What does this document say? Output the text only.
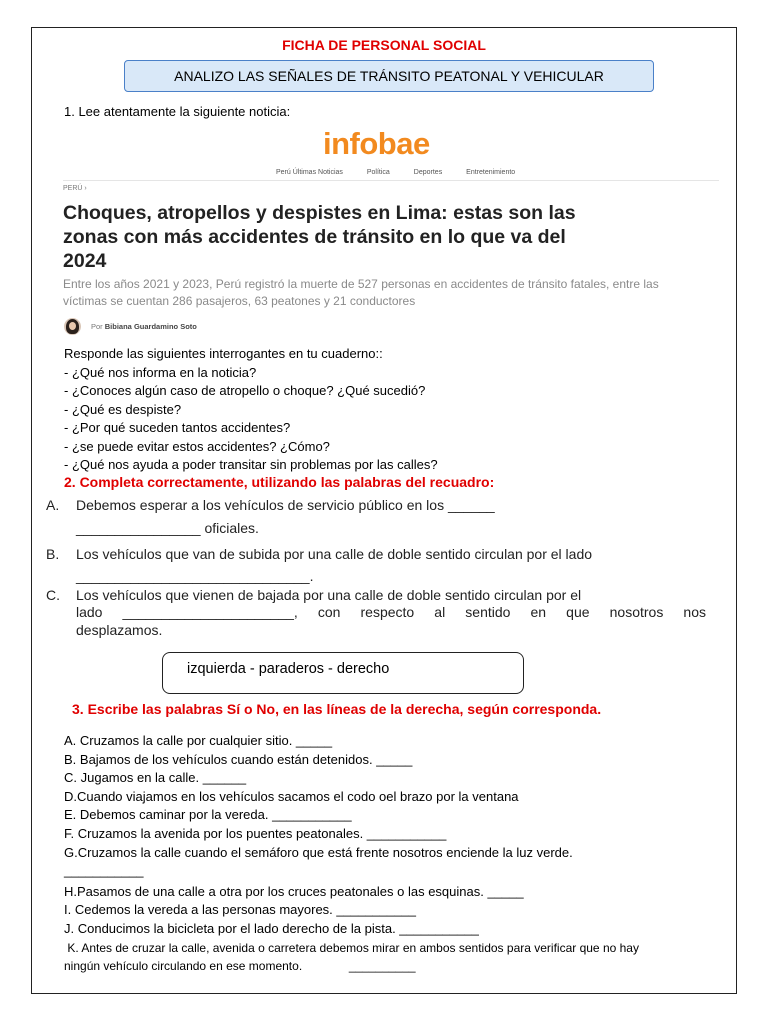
FICHA DE PERSONAL SOCIAL
ANALIZO LAS SEÑALES DE TRÁNSITO PEATONAL Y VEHICULAR
1. Lee atentamente la siguiente noticia:
infobae
Perú Últimas Noticias	Política	Deportes	Entretenimiento
PERÚ ›
Choques, atropellos y despistes en Lima: estas son las
zonas con más accidentes de tránsito en lo que va del
2024
Entre los años 2021 y 2023, Perú registró la muerte de 527 personas en accidentes de tránsito fatales, entre las
víctimas se cuentan 286 pasajeros, 63 peatones y 21 conductores
Por Bibiana Guardamino Soto
Responde las siguientes interrogantes en tu cuaderno::
- ¿Qué nos informa en la noticia?
- ¿Conoces algún caso de atropello o choque? ¿Qué sucedió?
- ¿Qué es despiste?
- ¿Por qué suceden tantos accidentes?
- ¿se puede evitar estos accidentes? ¿Cómo?
- ¿Qué nos ayuda a poder transitar sin problemas por las calles?
2. Completa correctamente, utilizando las palabras del recuadro:
A. Debemos esperar a los vehículos de servicio público en los ______
________________ oficiales.
B. Los vehículos que van de subida por una calle de doble sentido circulan por el lado
______________________________.
C. Los vehículos que vienen de bajada por una calle de doble sentido circulan por el
lado ______________________, con respecto al sentido en que nosotros nos
desplazamos.
izquierda - paraderos - derecho
3. Escribe las palabras Sí o No, en las líneas de la derecha, según corresponda.
A. Cruzamos la calle por cualquier sitio. _____
B. Bajamos de los vehículos cuando están detenidos. _____
C. Jugamos en la calle. ______
D.Cuando viajamos en los vehículos sacamos el codo oel brazo por la ventana
E. Debemos caminar por la vereda. ___________
F. Cruzamos la avenida por los puentes peatonales. ___________
G.Cruzamos la calle cuando el semáforo que está frente nosotros enciende la luz verde.
___________
H.Pasamos de una calle a otra por los cruces peatonales o las esquinas. _____
I. Cedemos la vereda a las personas mayores. ___________
J. Conducimos la bicicleta por el lado derecho de la pista. ___________
K. Antes de cruzar la calle, avenida o carretera debemos mirar en ambos sentidos para verificar que no hay
ningún vehículo circulando en ese momento.              __________
